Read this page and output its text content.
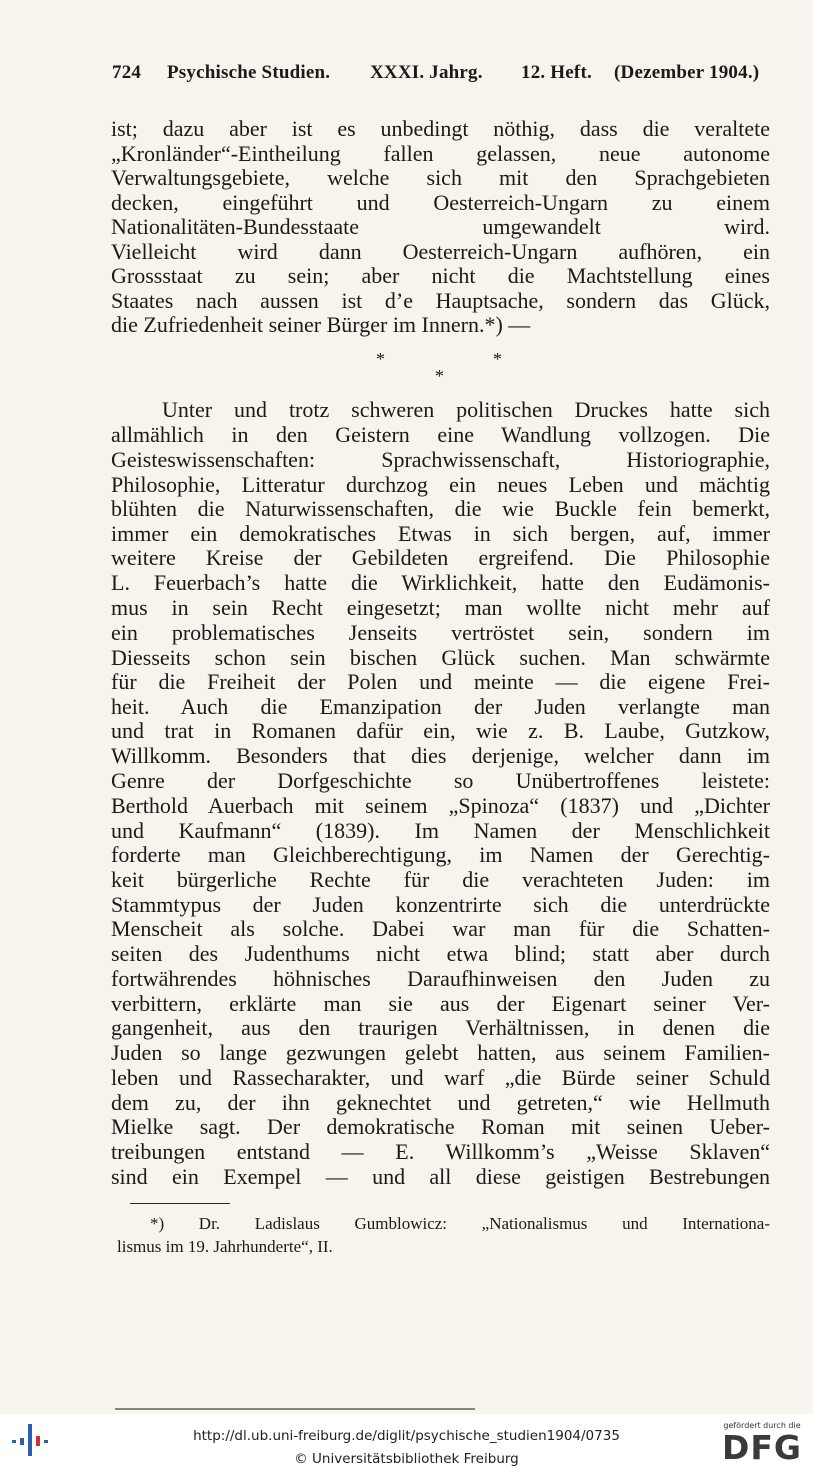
724 Psychische Studien. XXXI. Jahrg. 12. Heft. (Dezember 1904.)
ist; dazu aber ist es unbedingt nöthig, dass die veraltete
„Kronländer“-Eintheilung fallen gelassen, neue autonome
Verwaltungsgebiete, welche sich mit den Sprachgebieten
decken, eingeführt und Oesterreich-Ungarn zu einem
Nationalitäten-Bundesstaate umgewandelt wird.
Vielleicht wird dann Oesterreich-Ungarn aufhören, ein
Grossstaat zu sein; aber nicht die Machtstellung eines
Staates nach aussen ist d’e Hauptsache, sondern das Glück,
die Zufriedenheit seiner Bürger im Innern.*) —
*	*
*
Unter und trotz schweren politischen Druckes hatte sich
allmählich in den Geistern eine Wandlung vollzogen. Die
Geisteswissenschaften: Sprachwissenschaft, Historiographie,
Philosophie, Litteratur durchzog ein neues Leben und mächtig
blühten die Naturwissenschaften, die wie Buckle fein bemerkt,
immer ein demokratisches Etwas in sich bergen, auf, immer
weitere Kreise der Gebildeten ergreifend. Die Philosophie
L. Feuerbach’s hatte die Wirklichkeit, hatte den Eudämonis-
mus in sein Recht eingesetzt; man wollte nicht mehr auf
ein problematisches Jenseits vertröstet sein, sondern im
Diesseits schon sein bischen Glück suchen. Man schwärmte
für die Freiheit der Polen und meinte — die eigene Frei-
heit. Auch die Emanzipation der Juden verlangte man
und trat in Romanen dafür ein, wie z. B. Laube, Gutzkow,
Willkomm. Besonders that dies derjenige, welcher dann im
Genre der Dorfgeschichte so Unübertroffenes leistete:
Berthold Auerbach mit seinem „Spinoza“ (1837) und „Dichter
und Kaufmann“ (1839). Im Namen der Menschlichkeit
forderte man Gleichberechtigung, im Namen der Gerechtig-
keit bürgerliche Rechte für die verachteten Juden: im
Stammtypus der Juden konzentrirte sich die unterdrückte
Menscheit als solche. Dabei war man für die Schatten-
seiten des Judenthums nicht etwa blind; statt aber durch
fortwährendes höhnisches Daraufhinweisen den Juden zu
verbittern, erklärte man sie aus der Eigenart seiner Ver-
gangenheit, aus den traurigen Verhältnissen, in denen die
Juden so lange gezwungen gelebt hatten, aus seinem Familien-
leben und Rassecharakter, und warf „die Bürde seiner Schuld
dem zu, der ihn geknechtet und getreten,“ wie Hellmuth
Mielke sagt. Der demokratische Roman mit seinen Ueber-
treibungen entstand — E. Willkomm’s „Weisse Sklaven“
sind ein Exempel — und all diese geistigen Bestrebungen
*) Dr. Ladislaus Gumblowicz: „Nationalismus und Internationa-
lismus im 19. Jahrhunderte“, II.
http://dl.ub.uni-freiburg.de/diglit/psychische_studien1904/0735
© Universitätsbibliothek Freiburg
gefördert durch die
DFG
